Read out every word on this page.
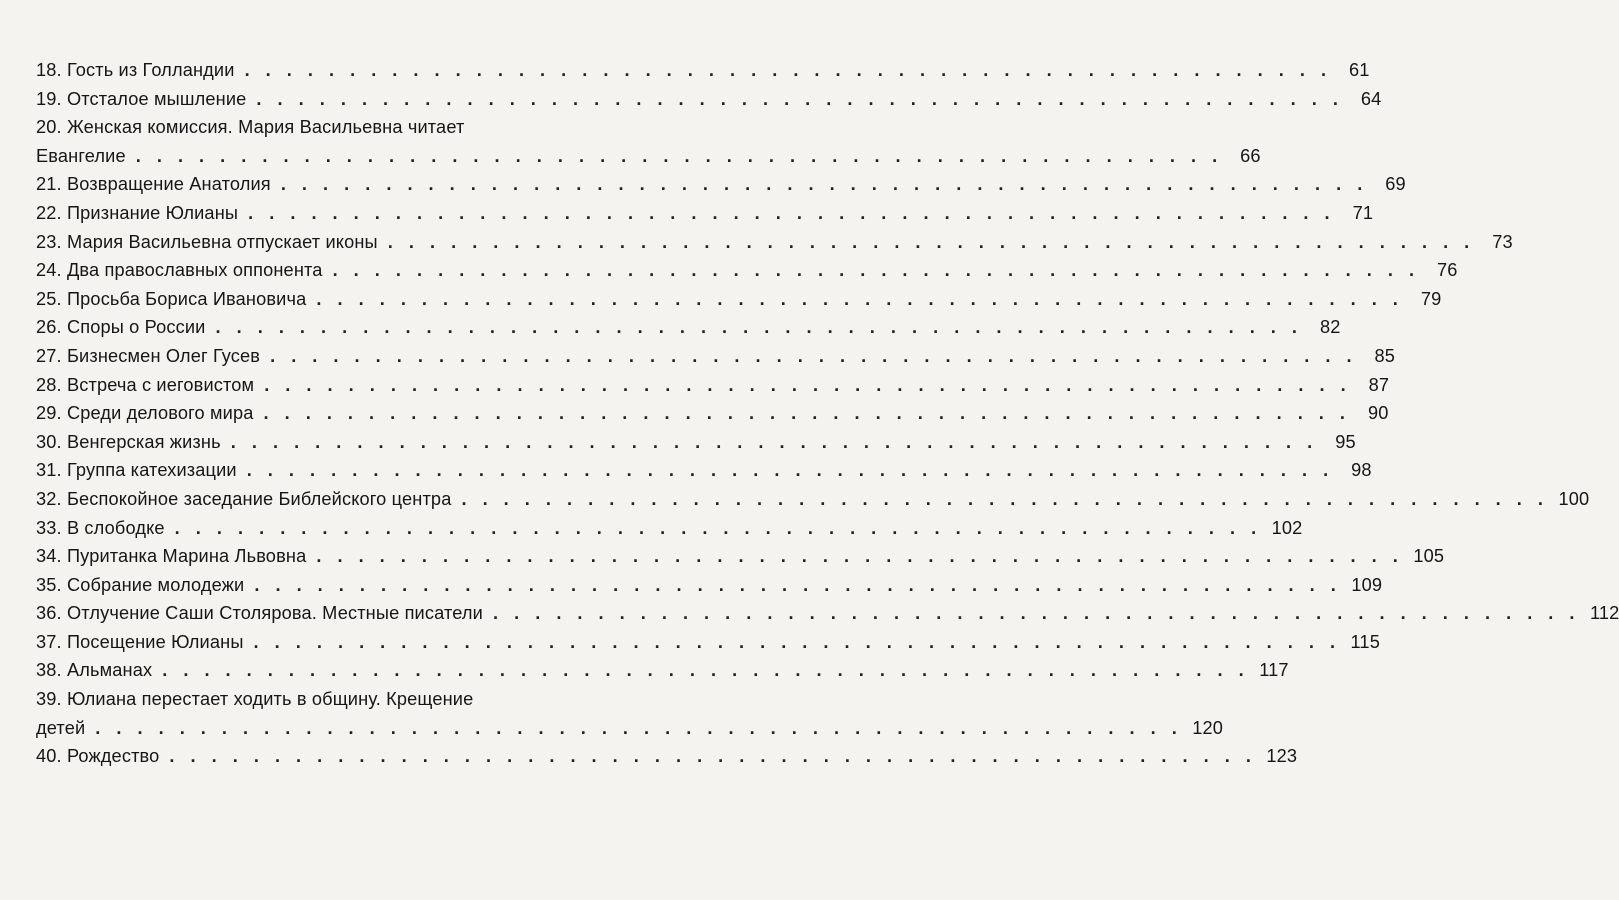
18.
Гость из Голландии . . . . . . . . . . . . . . . . . . . . . . . . . . . . . . . . . . . . . . . . . . . . . . . . . . . . 61
19.
Отсталое мышление . . . . . . . . . . . . . . . . . . . . . . . . . . . . . . . . . . . . . . . . . . . . . . . . . . . . 64
20.
Женская комиссия. Мария Васильевна читает
Евангелие . . . . . . . . . . . . . . . . . . . . . . . . . . . . . . . . . . . . . . . . . . . . . . . . . . . . 66
21.
Возвращение Анатолия . . . . . . . . . . . . . . . . . . . . . . . . . . . . . . . . . . . . . . . . . . . . . . . . . . . . 69
22.
Признание Юлианы . . . . . . . . . . . . . . . . . . . . . . . . . . . . . . . . . . . . . . . . . . . . . . . . . . . . 71
23.
Мария Васильевна отпускает иконы . . . . . . . . . . . . . . . . . . . . . . . . . . . . . . . . . . . . . . . . . . . . . . . . . . . . 73
24.
Два православных оппонента . . . . . . . . . . . . . . . . . . . . . . . . . . . . . . . . . . . . . . . . . . . . . . . . . . . . 76
25.
Просьба Бориса Ивановича . . . . . . . . . . . . . . . . . . . . . . . . . . . . . . . . . . . . . . . . . . . . . . . . . . . . 79
26.
Споры о России . . . . . . . . . . . . . . . . . . . . . . . . . . . . . . . . . . . . . . . . . . . . . . . . . . . . 82
27.
Бизнесмен Олег Гусев . . . . . . . . . . . . . . . . . . . . . . . . . . . . . . . . . . . . . . . . . . . . . . . . . . . . 85
28.
Встреча с иеговистом . . . . . . . . . . . . . . . . . . . . . . . . . . . . . . . . . . . . . . . . . . . . . . . . . . . . 87
29.
Среди делового мира . . . . . . . . . . . . . . . . . . . . . . . . . . . . . . . . . . . . . . . . . . . . . . . . . . . . 90
30.
Венгерская жизнь . . . . . . . . . . . . . . . . . . . . . . . . . . . . . . . . . . . . . . . . . . . . . . . . . . . . 95
31.
Группа катехизации . . . . . . . . . . . . . . . . . . . . . . . . . . . . . . . . . . . . . . . . . . . . . . . . . . . . 98
32.
Беспокойное заседание Библейского центра . . . . . . . . . . . . . . . . . . . . . . . . . . . . . . . . . . . . . . . . . . . . . . . . . . . . 100
33.
В слободке . . . . . . . . . . . . . . . . . . . . . . . . . . . . . . . . . . . . . . . . . . . . . . . . . . . . 102
34.
Пуританка Марина Львовна . . . . . . . . . . . . . . . . . . . . . . . . . . . . . . . . . . . . . . . . . . . . . . . . . . . . 105
35.
Собрание молодежи . . . . . . . . . . . . . . . . . . . . . . . . . . . . . . . . . . . . . . . . . . . . . . . . . . . . 109
36.
Отлучение Саши Столярова. Местные писатели . . . . . . . . . . . . . . . . . . . . . . . . . . . . . . . . . . . . . . . . . . . . . . . . . . . . 112
37.
Посещение Юлианы . . . . . . . . . . . . . . . . . . . . . . . . . . . . . . . . . . . . . . . . . . . . . . . . . . . . 115
38.
Альманах . . . . . . . . . . . . . . . . . . . . . . . . . . . . . . . . . . . . . . . . . . . . . . . . . . . . 117
39.
Юлиана перестает ходить в общину. Крещение
детей . . . . . . . . . . . . . . . . . . . . . . . . . . . . . . . . . . . . . . . . . . . . . . . . . . . . 120
40.
Рождество . . . . . . . . . . . . . . . . . . . . . . . . . . . . . . . . . . . . . . . . . . . . . . . . . . . . 123
